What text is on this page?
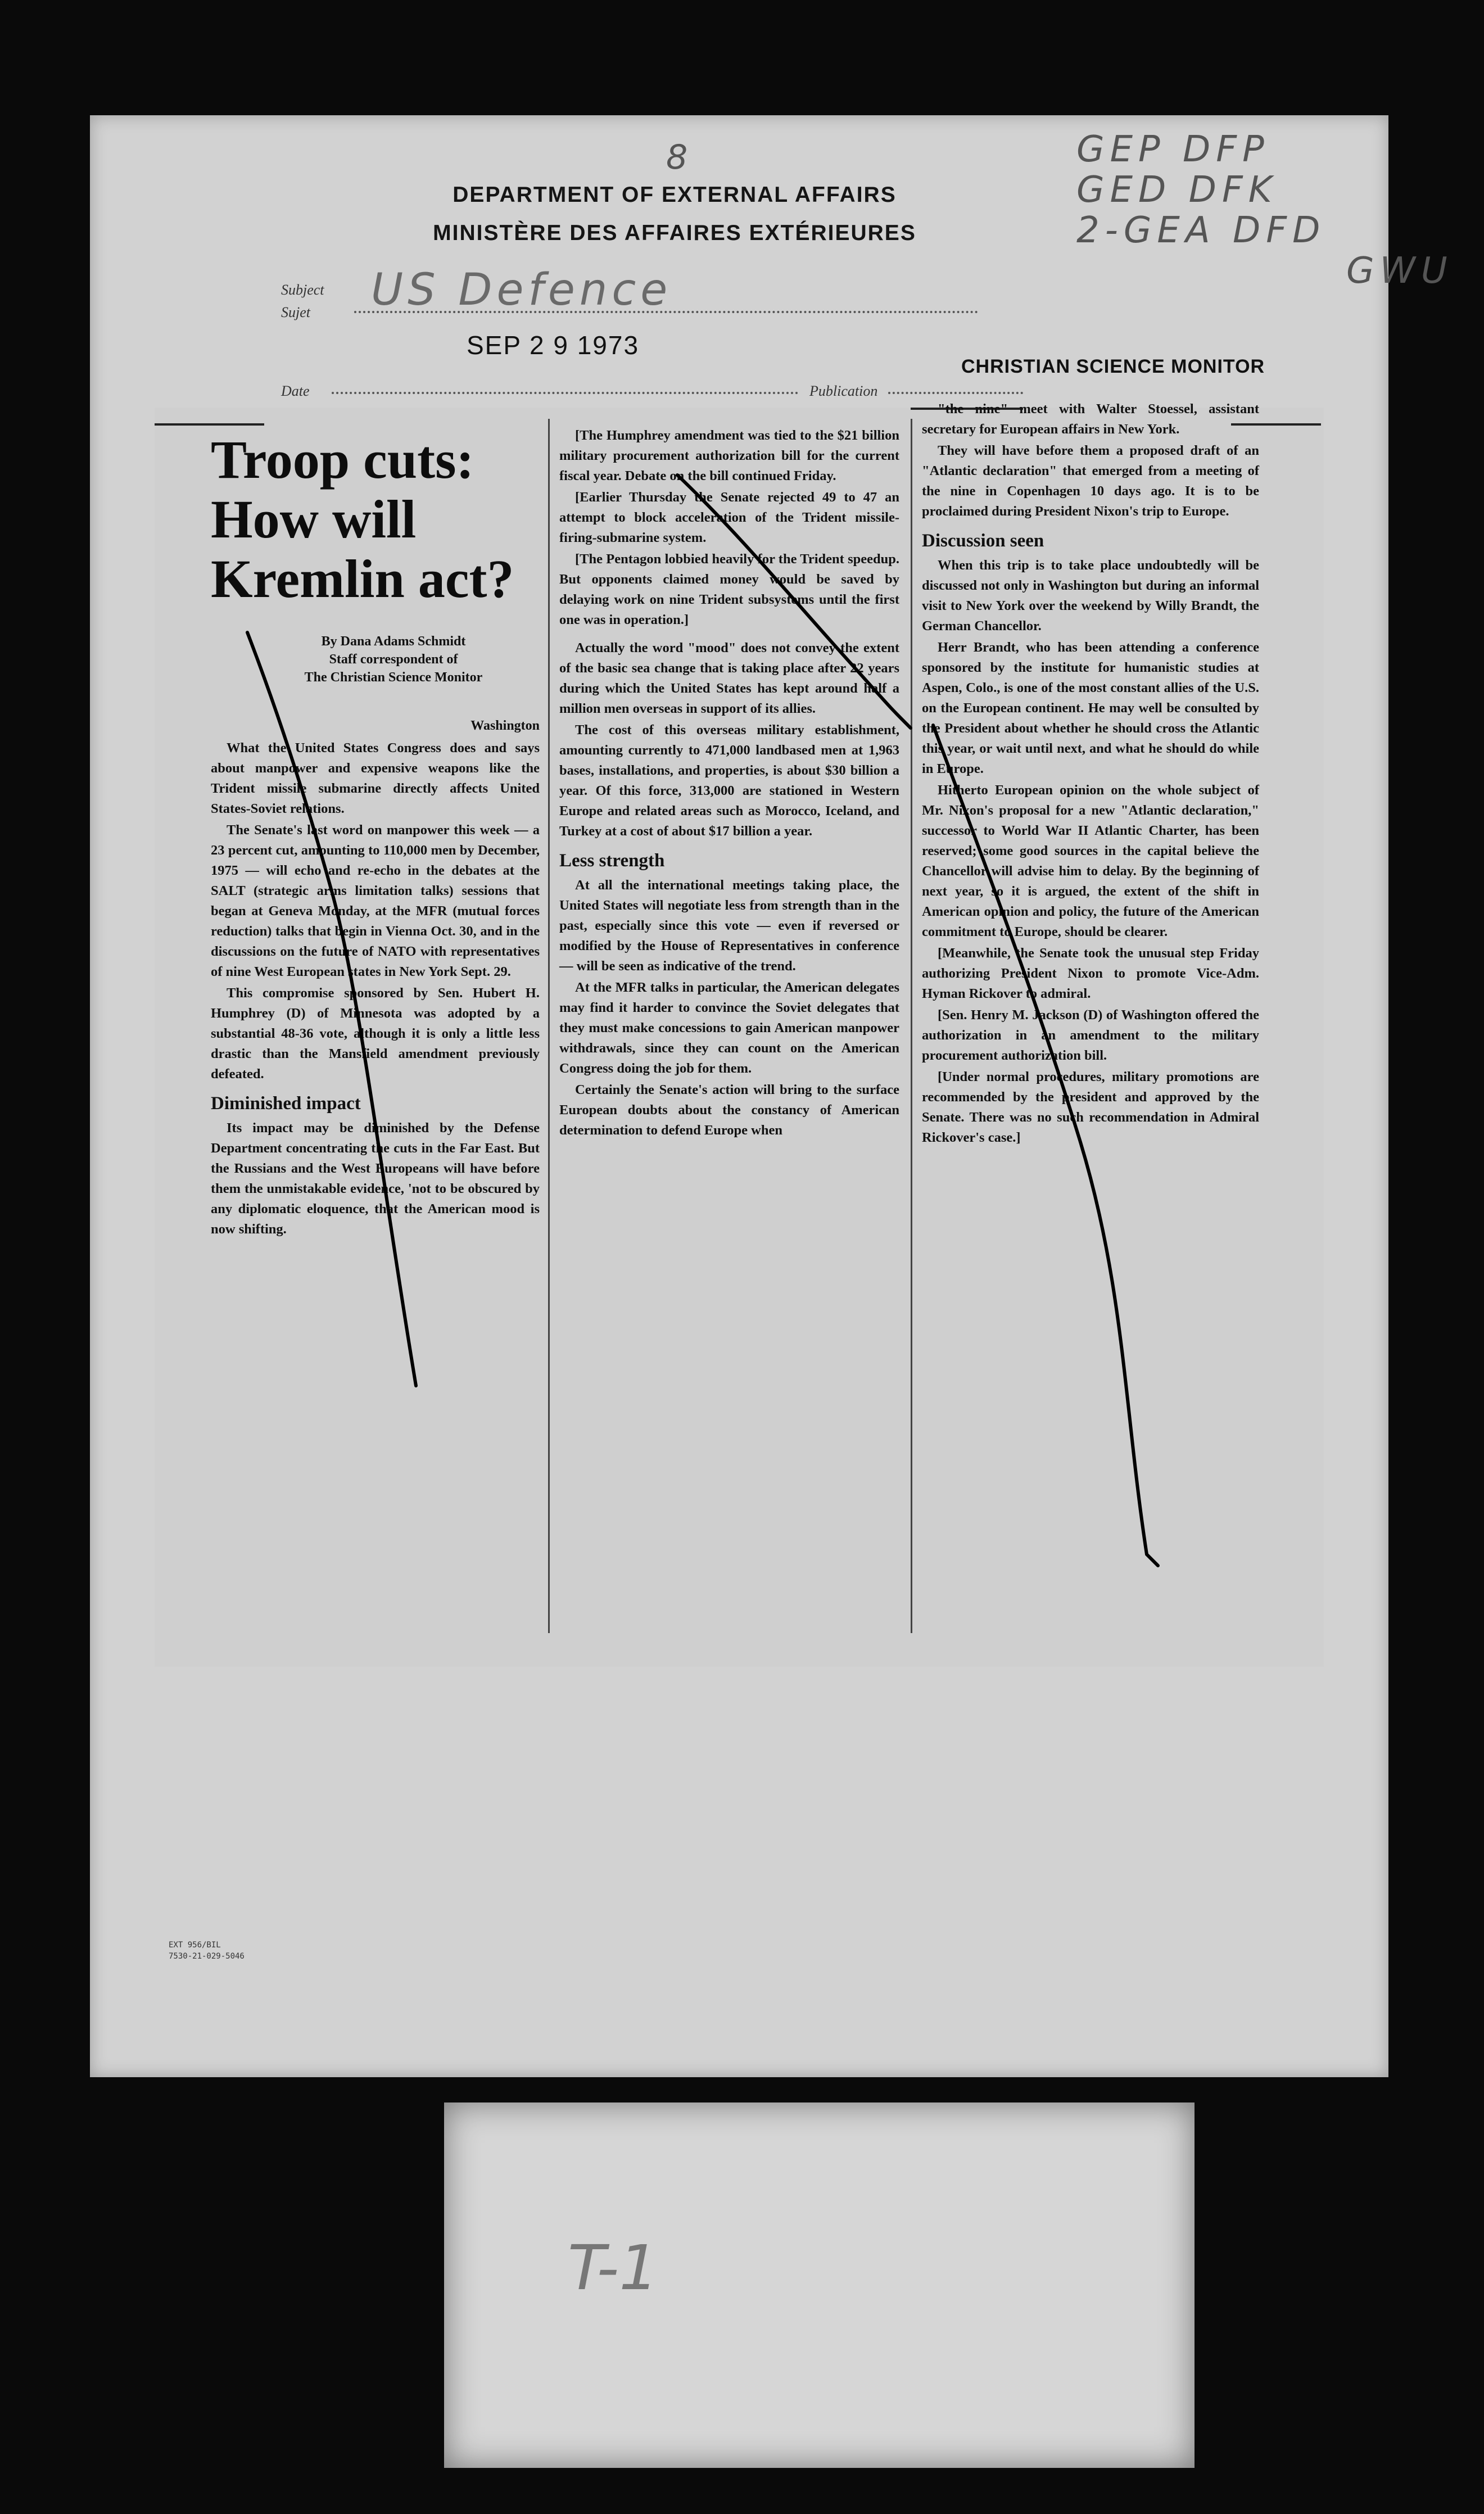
8	GEP DFP
GED DFK
2-GEA DFD
GWU
DEPARTMENT OF EXTERNAL AFFAIRS
MINISTÈRE DES AFFAIRES EXTÉRIEURES
Subject
Sujet US Defence
SEP 2 9 1973
Date	Publication
CHRISTIAN SCIENCE MONITOR
Troop cuts:
How will
Kremlin act?
By Dana Adams Schmidt
Staff correspondent of
The Christian Science Monitor
Washington

What the United States Congress does and says about manpower and expensive weapons like the Trident missile submarine directly affects United States-Soviet relations.

The Senate's last word on manpower this week — a 23 percent cut, amounting to 110,000 men by December, 1975 — will echo and re-echo in the debates at the SALT (strategic arms limitation talks) sessions that began at Geneva Monday, at the MFR (mutual forces reduction) talks that begin in Vienna Oct. 30, and in the discussions on the future of NATO with representatives of nine West European states in New York Sept. 29.

This compromise sponsored by Sen. Hubert H. Humphrey (D) of Minnesota was adopted by a substantial 48-36 vote, although it is only a little less drastic than the Mansfield amendment previously defeated.

Diminished impact

Its impact may be diminished by the Defense Department concentrating the cuts in the Far East. But the Russians and the West Europeans will have before them the unmistakable evidence, 'not to be obscured by any diplomatic eloquence, that the American mood is now shifting.

[The Humphrey amendment was tied to the $21 billion military procurement authorization bill for the current fiscal year. Debate on the bill continued Friday.

[Earlier Thursday the Senate rejected 49 to 47 an attempt to block acceleration of the Trident missile-firing-submarine system.

[The Pentagon lobbied heavily for the Trident speedup. But opponents claimed money would be saved by delaying work on nine Trident subsystems until the first one was in operation.]

Actually the word "mood" does not convey the extent of the basic sea change that is taking place after 22 years during which the United States has kept around half a million men overseas in support of its allies.

The cost of this overseas military establishment, amounting currently to 471,000 landbased men at 1,963 bases, installations, and properties, is about $30 billion a year. Of this force, 313,000 are stationed in Western Europe and related areas such as Morocco, Iceland, and Turkey at a cost of about $17 billion a year.

Less strength

At all the international meetings taking place, the United States will negotiate less from strength than in the past, especially since this vote — even if reversed or modified by the House of Representatives in conference — will be seen as indicative of the trend.

At the MFR talks in particular, the American delegates may find it harder to convince the Soviet delegates that they must make concessions to gain American manpower withdrawals, since they can count on the American Congress doing the job for them.

Certainly the Senate's action will bring to the surface European doubts about the constancy of American determination to defend Europe when

"the nine" meet with Walter Stoessel, assistant secretary for European affairs in New York.

They will have before them a proposed draft of an "Atlantic declaration" that emerged from a meeting of the nine in Copenhagen 10 days ago. It is to be proclaimed during President Nixon's trip to Europe.

Discussion seen

When this trip is to take place undoubtedly will be discussed not only in Washington but during an informal visit to New York over the weekend by Willy Brandt, the German Chancellor.

Herr Brandt, who has been attending a conference sponsored by the institute for humanistic studies at Aspen, Colo., is one of the most constant allies of the U.S. on the European continent. He may well be consulted by the President about whether he should cross the Atlantic this year, or wait until next, and what he should do while in Europe.

Hitherto European opinion on the whole subject of Mr. Nixon's proposal for a new "Atlantic declaration," successor to World War II Atlantic Charter, has been reserved; some good sources in the capital believe the Chancellor will advise him to delay. By the beginning of next year, so it is argued, the extent of the shift in American opinion and policy, the future of the American commitment to Europe, should be clearer.

[Meanwhile, the Senate took the unusual step Friday authorizing President Nixon to promote Vice-Adm. Hyman Rickover to admiral.

[Sen. Henry M. Jackson (D) of Washington offered the authorization in an amendment to the military procurement authorization bill.

[Under normal procedures, military promotions are recommended by the president and approved by the Senate. There was no such recommendation in Admiral Rickover's case.]

EXT 956/BIL
7530-21-029-5046
T-1
